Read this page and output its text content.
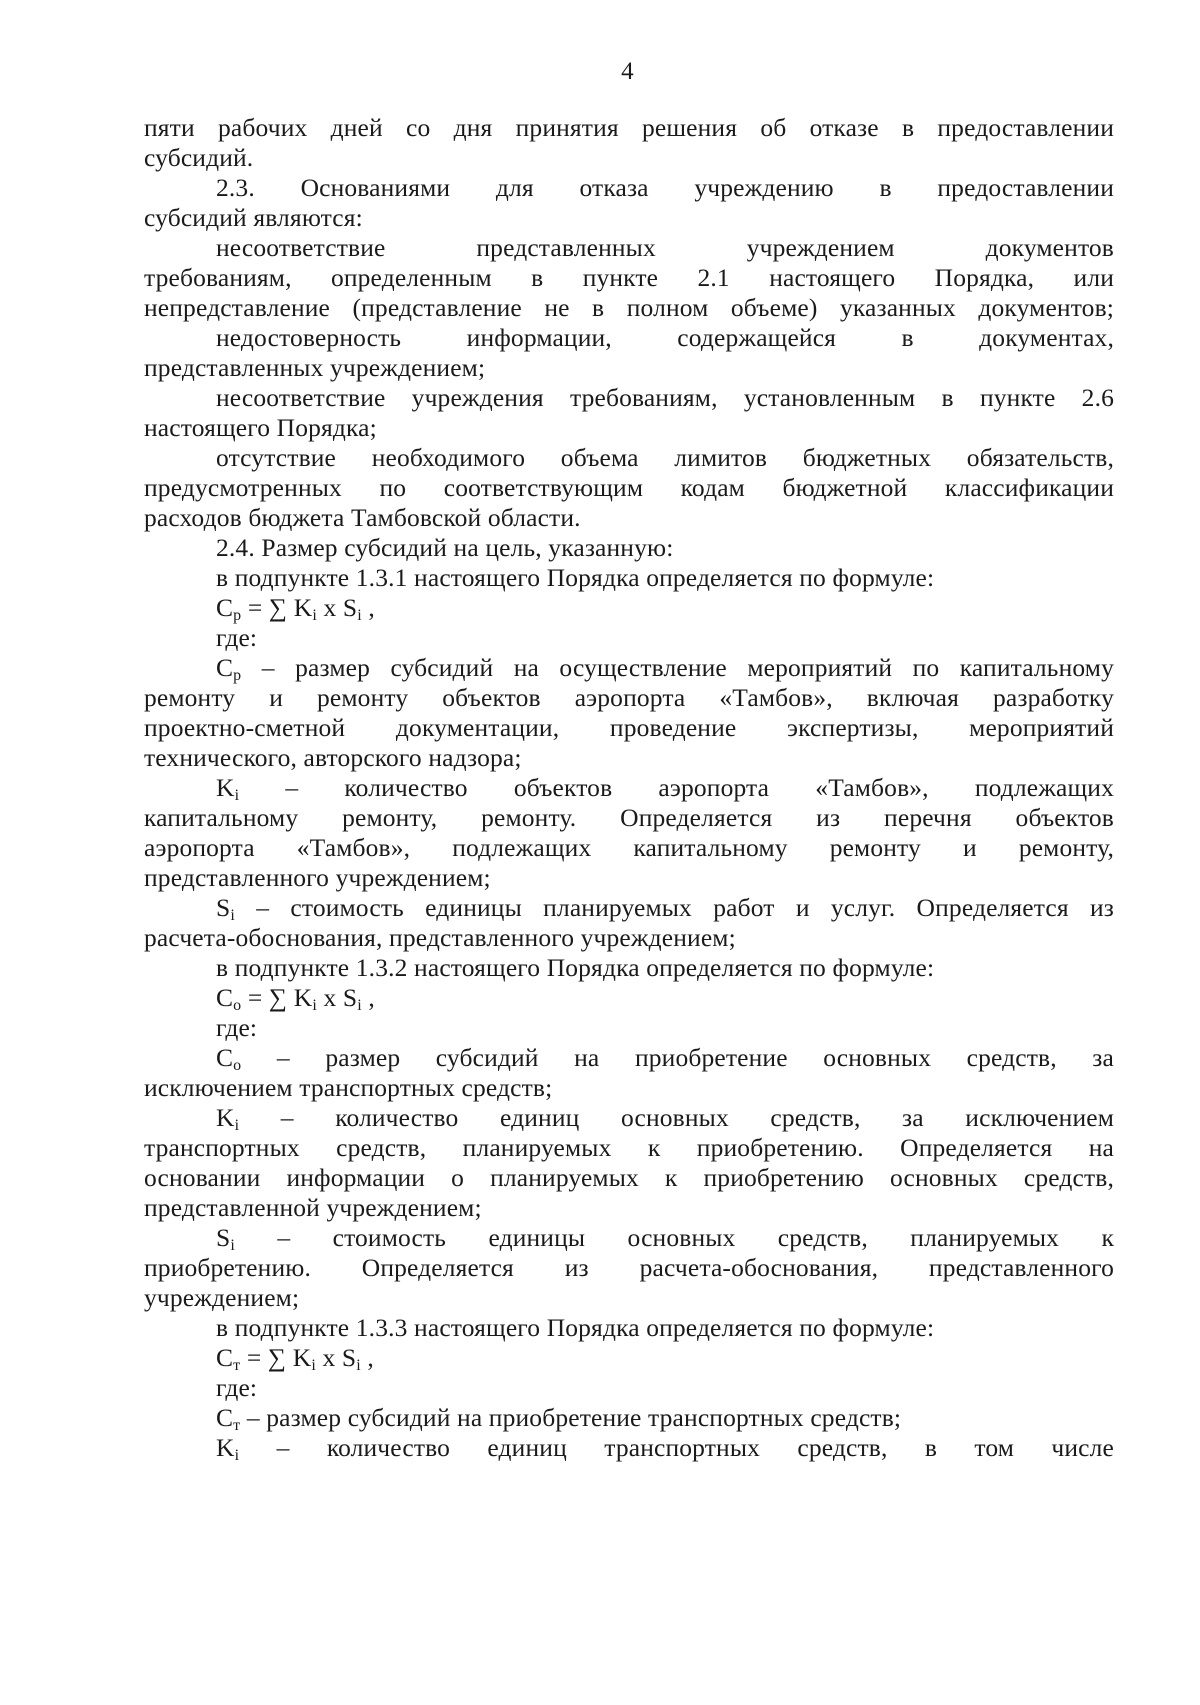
4
пяти рабочих дней со дня принятия решения об отказе в предоставлении
субсидий.
2.3. Основаниями для отказа учреждению в предоставлении
субсидий являются:
несоответствие представленных учреждением документов
требованиям, определенным в пункте 2.1 настоящего Порядка, или
непредставление (представление не в полном объеме) указанных документов;
недостоверность информации, содержащейся в документах,
представленных учреждением;
несоответствие учреждения требованиям, установленным в пункте 2.6
настоящего Порядка;
отсутствие необходимого объема лимитов бюджетных обязательств,
предусмотренных по соответствующим кодам бюджетной классификации
расходов бюджета Тамбовской области.
2.4. Размер субсидий на цель, указанную:
в подпункте 1.3.1 настоящего Порядка определяется по формуле:
Cр = ∑ Ki x Si ,
где:
Cр – размер субсидий на осуществление мероприятий по капитальному
ремонту и ремонту объектов аэропорта «Тамбов», включая разработку
проектно-сметной документации, проведение экспертизы, мероприятий
технического, авторского надзора;
Ki – количество объектов аэропорта «Тамбов», подлежащих
капитальному ремонту, ремонту. Определяется из перечня объектов
аэропорта «Тамбов», подлежащих капитальному ремонту и ремонту,
представленного учреждением;
Si – стоимость единицы планируемых работ и услуг. Определяется из
расчета-обоснования, представленного учреждением;
в подпункте 1.3.2 настоящего Порядка определяется по формуле:
Cо = ∑ Ki x Si ,
где:
Cо – размер субсидий на приобретение основных средств, за
исключением транспортных средств;
Ki – количество единиц основных средств, за исключением
транспортных средств, планируемых к приобретению. Определяется на
основании информации о планируемых к приобретению основных средств,
представленной учреждением;
Si – стоимость единицы основных средств, планируемых к
приобретению. Определяется из расчета-обоснования, представленного
учреждением;
в подпункте 1.3.3 настоящего Порядка определяется по формуле:
Cт = ∑ Ki x Si ,
где:
Cт – размер субсидий на приобретение транспортных средств;
Ki – количество единиц транспортных средств, в том числе
